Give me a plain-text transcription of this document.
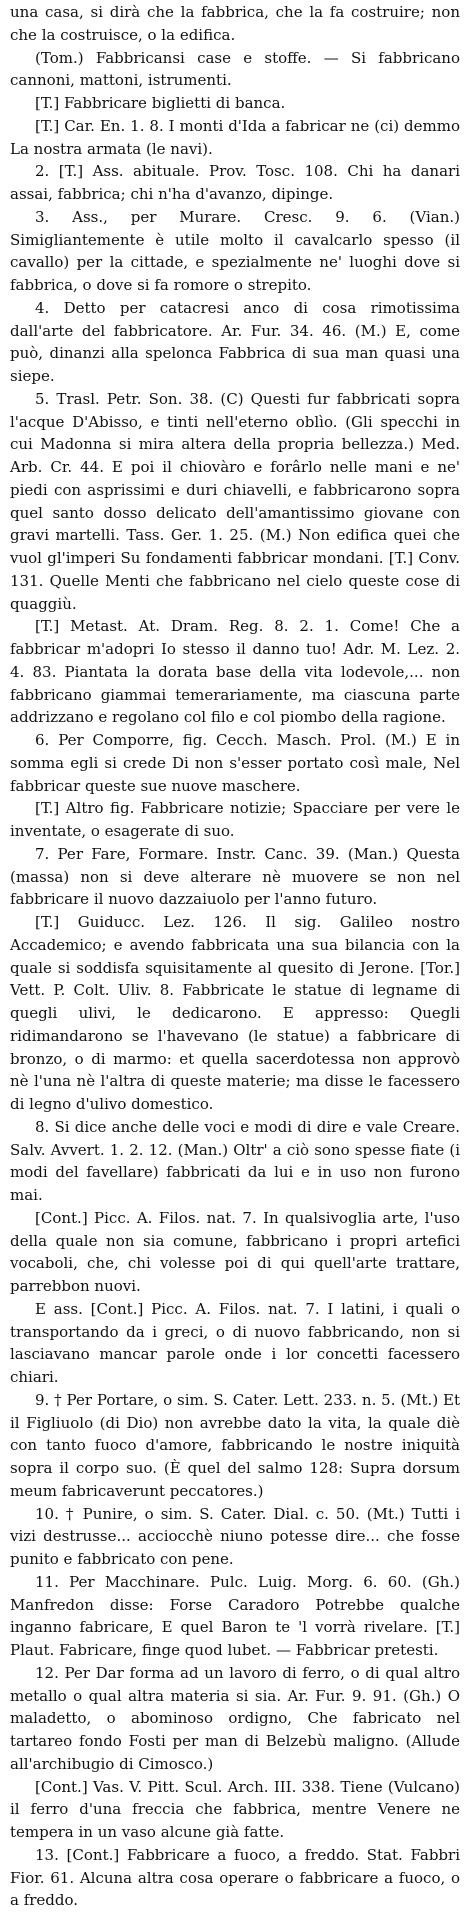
una casa, si dirà che la fabbrica, che la fa costruire; non che la costruisce, o la edifica.

(Tom.) Fabbricansi case e stoffe. — Si fabbricano cannoni, mattoni, istrumenti.

[T.] Fabbricare biglietti di banca.

[T.] Car. En. 1. 8. I monti d'Ida a fabricar ne (ci) demmo La nostra armata (le navi).

2. [T.] Ass. abituale. Prov. Tosc. 108. Chi ha danari assai, fabbrica; chi n'ha d'avanzo, dipinge.

3. Ass., per Murare. Cresc. 9. 6. (Vian.) Simigliantemente è utile molto il cavalcarlo spesso (il cavallo) per la cittade, e spezialmente ne' luoghi dove si fabbrica, o dove si fa romore o strepito.

4. Detto per catacresi anco di cosa rimotissima dall'arte del fabbricatore. Ar. Fur. 34. 46. (M.) E, come può, dinanzi alla spelonca Fabbrica di sua man quasi una siepe.

5. Trasl. Petr. Son. 38. (C) Questi fur fabbricati sopra l'acque D'Abisso, e tinti nell'eterno oblìo. (Gli specchi in cui Madonna si mira altera della propria bellezza.) Med. Arb. Cr. 44. E poi il chiovàro e forârlo nelle mani e ne' piedi con asprissimi e duri chiavelli, e fabbricarono sopra quel santo dosso delicato dell'amantissimo giovane con gravi martelli. Tass. Ger. 1. 25. (M.) Non edifica quei che vuol gl'imperi Su fondamenti fabbricar mondani. [T.] Conv. 131. Quelle Menti che fabbricano nel cielo queste cose di quaggiù.

[T.] Metast. At. Dram. Reg. 8. 2. 1. Come! Che a fabbricar m'adopri Io stesso il danno tuo! Adr. M. Lez. 2. 4. 83. Piantata la dorata base della vita lodevole,... non fabbricano giammai temerariamente, ma ciascuna parte addrizzano e regolano col filo e col piombo della ragione.

6. Per Comporre, fig. Cecch. Masch. Prol. (M.) E in somma egli si crede Di non s'esser portato così male, Nel fabbricar queste sue nuove maschere.

[T.] Altro fig. Fabbricare notizie; Spacciare per vere le inventate, o esagerate di suo.

7. Per Fare, Formare. Instr. Canc. 39. (Man.) Questa (massa) non si deve alterare nè muovere se non nel fabbricare il nuovo dazzaiuolo per l'anno futuro.

[T.] Guiducc. Lez. 126. Il sig. Galileo nostro Accademico; e avendo fabbricata una sua bilancia con la quale si soddisfa squisitamente al quesito di Jerone. [Tor.] Vett. P. Colt. Uliv. 8. Fabbricate le statue di legname di quegli ulivi, le dedicarono. E appresso: Quegli ridimandarono se l'havevano (le statue) a fabbricare di bronzo, o di marmo: et quella sacerdotessa non approvò nè l'una nè l'altra di queste materie; ma disse le facessero di legno d'ulivo domestico.

8. Si dice anche delle voci e modi di dire e vale Creare. Salv. Avvert. 1. 2. 12. (Man.) Oltr' a ciò sono spesse fiate (i modi del favellare) fabbricati da lui e in uso non furono mai.

[Cont.] Picc. A. Filos. nat. 7. In qualsivoglia arte, l'uso della quale non sia comune, fabbricano i propri artefici vocaboli, che, chi volesse poi di qui quell'arte trattare, parrebbon nuovi.

E ass. [Cont.] Picc. A. Filos. nat. 7. I latini, i quali o transportando da i greci, o di nuovo fabbricando, non si lasciavano mancar parole onde i lor concetti facessero chiari.

9. † Per Portare, o sim. S. Cater. Lett. 233. n. 5. (Mt.) Et il Figliuolo (di Dio) non avrebbe dato la vita, la quale diè con tanto fuoco d'amore, fabbricando le nostre iniquità sopra il corpo suo. (È quel del salmo 128: Supra dorsum meum fabricaverunt peccatores.)

10. † Punire, o sim. S. Cater. Dial. c. 50. (Mt.) Tutti i vizi destrusse... acciocchè niuno potesse dire... che fosse punito e fabbricato con pene.

11. Per Macchinare. Pulc. Luig. Morg. 6. 60. (Gh.) Manfredon disse: Forse Caradoro Potrebbe qualche inganno fabricare, E quel Baron te 'l vorrà rivelare. [T.] Plaut. Fabricare, finge quod lubet. — Fabbricar pretesti.

12. Per Dar forma ad un lavoro di ferro, o di qual altro metallo o qual altra materia si sia. Ar. Fur. 9. 91. (Gh.) O maladetto, o abominoso ordigno, Che fabricato nel tartareo fondo Fosti per man di Belzebù maligno. (Allude all'archibugio di Cimosco.)

[Cont.] Vas. V. Pitt. Scul. Arch. III. 338. Tiene (Vulcano) il ferro d'una freccia che fabbrica, mentre Venere ne tempera in un vaso alcune già fatte.

13. [Cont.] Fabbricare a fuoco, a freddo. Stat. Fabbri Fior. 61. Alcuna altra cosa operare o fabbricare a fuoco, o a freddo.
